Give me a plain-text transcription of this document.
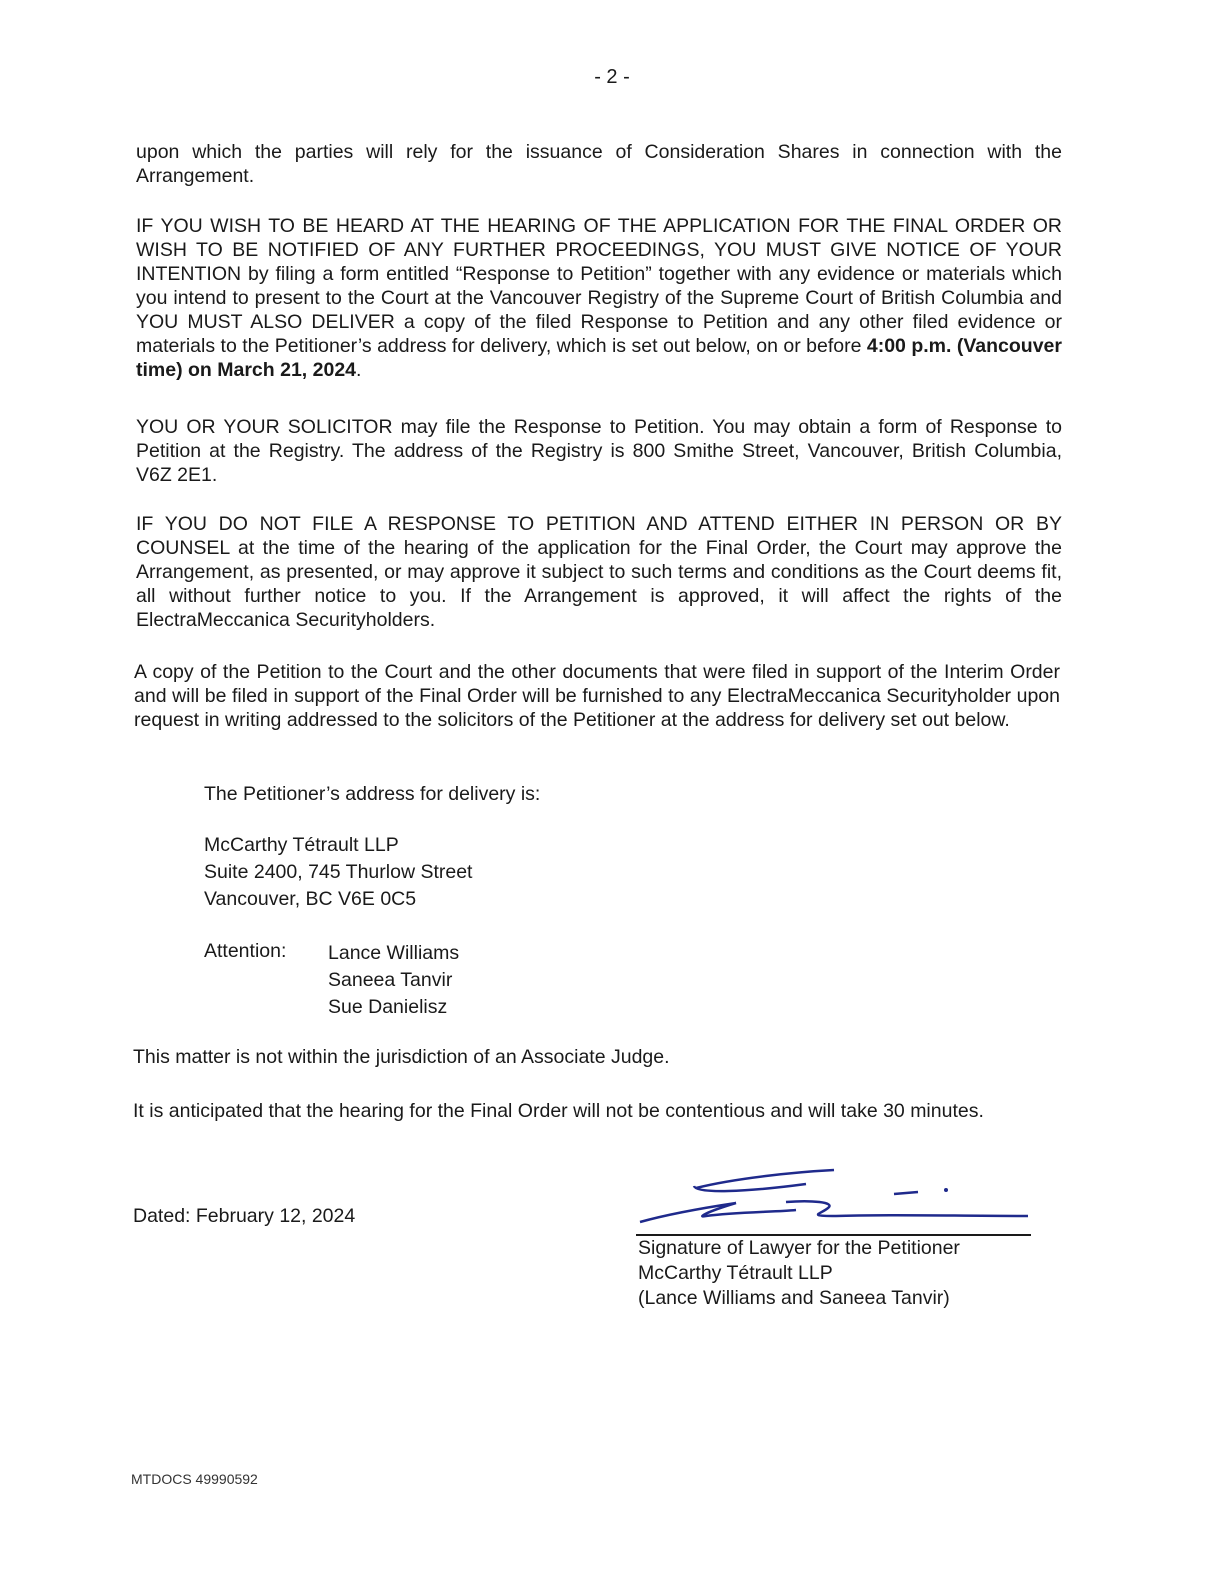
- 2 -

upon which the parties will rely for the issuance of Consideration Shares in connection with the Arrangement.

IF YOU WISH TO BE HEARD AT THE HEARING OF THE APPLICATION FOR THE FINAL ORDER OR WISH TO BE NOTIFIED OF ANY FURTHER PROCEEDINGS, YOU MUST GIVE NOTICE OF YOUR INTENTION by filing a form entitled “Response to Petition” together with any evidence or materials which you intend to present to the Court at the Vancouver Registry of the Supreme Court of British Columbia and YOU MUST ALSO DELIVER a copy of the filed Response to Petition and any other filed evidence or materials to the Petitioner’s address for delivery, which is set out below, on or before 4:00 p.m. (Vancouver time) on March 21, 2024.

YOU OR YOUR SOLICITOR may file the Response to Petition. You may obtain a form of Response to Petition at the Registry. The address of the Registry is 800 Smithe Street, Vancouver, British Columbia, V6Z 2E1.

IF YOU DO NOT FILE A RESPONSE TO PETITION AND ATTEND EITHER IN PERSON OR BY COUNSEL at the time of the hearing of the application for the Final Order, the Court may approve the Arrangement, as presented, or may approve it subject to such terms and conditions as the Court deems fit, all without further notice to you. If the Arrangement is approved, it will affect the rights of the ElectraMeccanica Securityholders.

A copy of the Petition to the Court and the other documents that were filed in support of the Interim Order and will be filed in support of the Final Order will be furnished to any ElectraMeccanica Securityholder upon request in writing addressed to the solicitors of the Petitioner at the address for delivery set out below.

The Petitioner’s address for delivery is:
McCarthy Tétrault LLP
Suite 2400, 745 Thurlow Street
Vancouver, BC V6E 0C5
Attention: Lance Williams
Saneea Tanvir
Sue Danielisz
This matter is not within the jurisdiction of an Associate Judge.
It is anticipated that the hearing for the Final Order will not be contentious and will take 30 minutes.
Dated: February 12, 2024
Signature of Lawyer for the Petitioner
McCarthy Tétrault LLP
(Lance Williams and Saneea Tanvir)
MTDOCS 49990592
